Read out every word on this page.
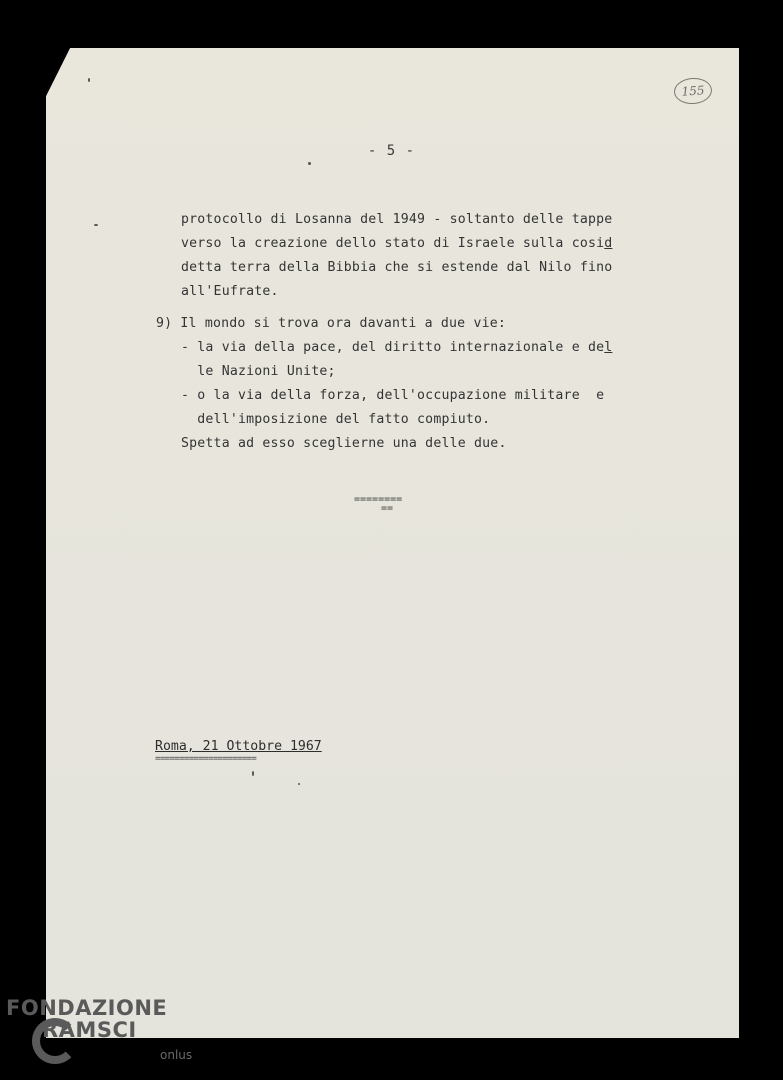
155
- 5 -
protocollo di Losanna del 1949 - soltanto delle tappe
verso la creazione dello stato di Israele sulla cosid
detta terra della Bibbia che si estende dal Nilo fino
all'Eufrate.
9) Il mondo si trova ora davanti a due vie:
- la via della pace, del diritto internazionale e del
le Nazioni Unite;
- o la via della forza, dell'occupazione militare  e
dell'imposizione del fatto compiuto.
Spetta ad esso sceglierne una delle due.
========
==
Roma, 21 Ottobre 1967
=====================
FONDAZIONE
RAMSCI
onlus
